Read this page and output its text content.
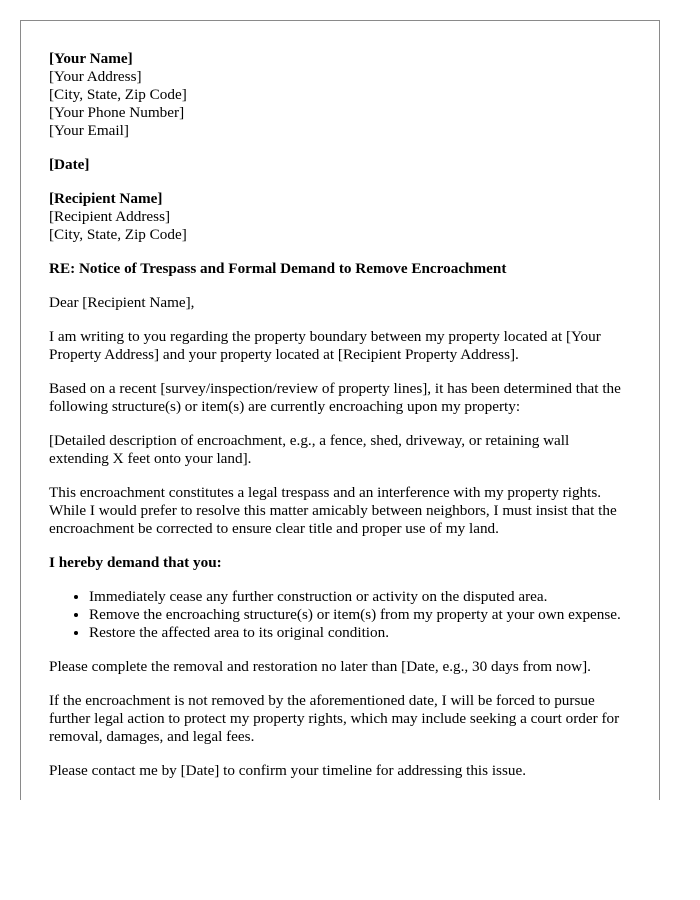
[Your Name]
[Your Address]
[City, State, Zip Code]
[Your Phone Number]
[Your Email]
[Date]
[Recipient Name]
[Recipient Address]
[City, State, Zip Code]

RE: Notice of Trespass and Formal Demand to Remove Encroachment

Dear [Recipient Name],

I am writing to you regarding the property boundary between my property located at [Your Property Address] and your property located at [Recipient Property Address].

Based on a recent [survey/inspection/review of property lines], it has been determined that the following structure(s) or item(s) are currently encroaching upon my property:

[Detailed description of encroachment, e.g., a fence, shed, driveway, or retaining wall extending X feet onto your land].

This encroachment constitutes a legal trespass and an interference with my property rights. While I would prefer to resolve this matter amicably between neighbors, I must insist that the encroachment be corrected to ensure clear title and proper use of my land.

I hereby demand that you:

• Immediately cease any further construction or activity on the disputed area.
• Remove the encroaching structure(s) or item(s) from my property at your own expense.
• Restore the affected area to its original condition.

Please complete the removal and restoration no later than [Date, e.g., 30 days from now].

If the encroachment is not removed by the aforementioned date, I will be forced to pursue further legal action to protect my property rights, which may include seeking a court order for removal, damages, and legal fees.

Please contact me by [Date] to confirm your timeline for addressing this issue.
